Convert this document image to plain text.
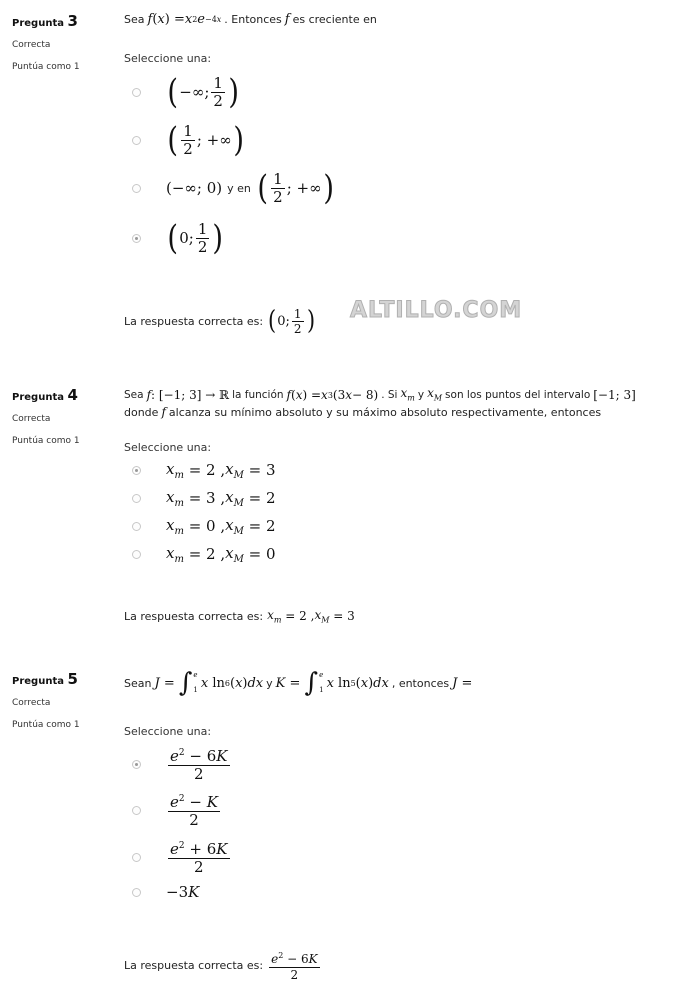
Pregunta 3
Correcta
Puntúa como 1
Sea f ( x ) = x 2 e −4x . Entonces f es creciente en
Seleccione una:
( −∞; $\frac{1}{2}$ )
( $\frac{1}{2}$ ; +∞ )
(−∞; 0) y en ( $\frac{1}{2}$ ; +∞ )
( 0; $\frac{1}{2}$ )
La respuesta correcta es: ( 0; $\frac{1}{2}$ ) ALTILLO.COM
Pregunta 4
Correcta
Puntúa como 1
Sea f : [−1; 3] → ℝ la función f ( x ) = x 3 (3 x − 8) . Si $x_m$ y $x_M$ son los puntos del intervalo [−1; 3]
donde f alcanza su mínimo absoluto y su máximo absoluto respectivamente, entonces
Seleccione una:
$x_m = 2$ , $x_M = 3$
$x_m = 3$ , $x_M = 2$
$x_m = 0$ , $x_M = 2$
$x_m = 2$ , $x_M = 0$
La respuesta correcta es: $x_m = 2$ , $x_M = 3$
Pregunta 5
Correcta
Puntúa como 1
Sean J = ∫ e
1 x ln 6 ( x ) dx y K = ∫ e
1 x ln 5 ( x ) dx , entonces J =
Seleccione una:
$\frac{e^2 - 6K}{2}$
$\frac{e^2 - K}{2}$
$\frac{e^2 + 6K}{2}$
−3 K
La respuesta correcta es: $\frac{e^2 - 6K}{2}$
